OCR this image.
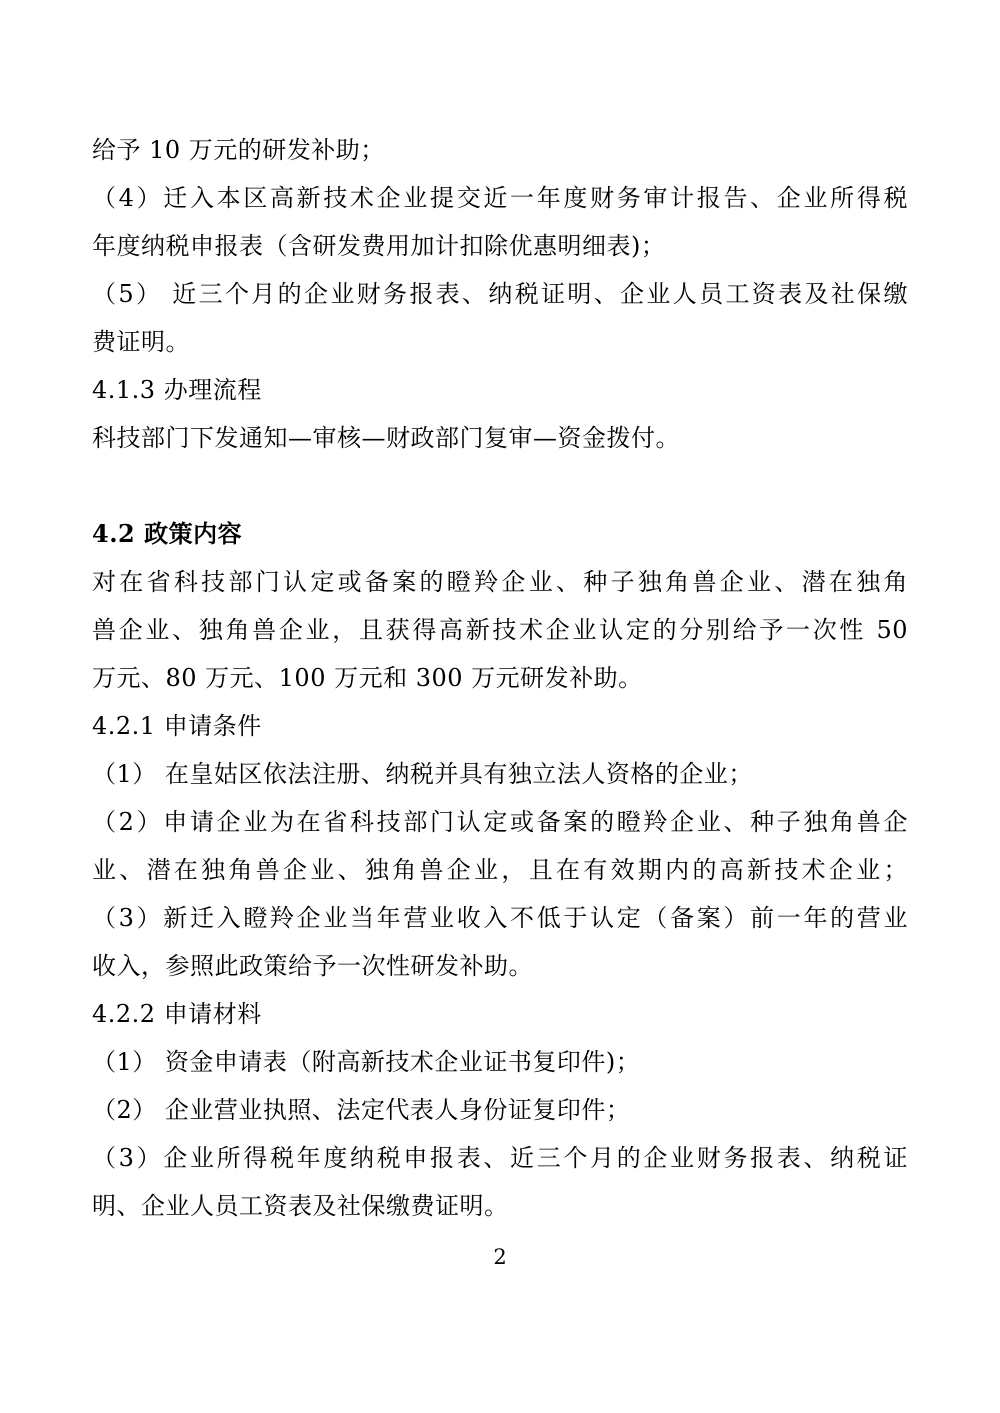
给予 10 万元的研发补助；
（4）迁入本区高新技术企业提交近一年度财务审计报告、企业所得税
年度纳税申报表（含研发费用加计扣除优惠明细表)；
（5） 近三个月的企业财务报表、纳税证明、企业人员工资表及社保缴
费证明。
4.1.3 办理流程
科技部门下发通知—审核—财政部门复审—资金拨付。
4.2 政策内容
对在省科技部门认定或备案的瞪羚企业、种子独角兽企业、潜在独角
兽企业、独角兽企业，且获得高新技术企业认定的分别给予一次性 50
万元、80 万元、100 万元和 300 万元研发补助。
4.2.1 申请条件
（1） 在皇姑区依法注册、纳税并具有独立法人资格的企业；
（2）申请企业为在省科技部门认定或备案的瞪羚企业、种子独角兽企
业、潜在独角兽企业、独角兽企业，且在有效期内的高新技术企业；
（3）新迁入瞪羚企业当年营业收入不低于认定（备案）前一年的营业
收入，参照此政策给予一次性研发补助。
4.2.2 申请材料
（1） 资金申请表（附高新技术企业证书复印件)；
（2） 企业营业执照、法定代表人身份证复印件；
（3）企业所得税年度纳税申报表、近三个月的企业财务报表、纳税证
明、企业人员工资表及社保缴费证明。
2
